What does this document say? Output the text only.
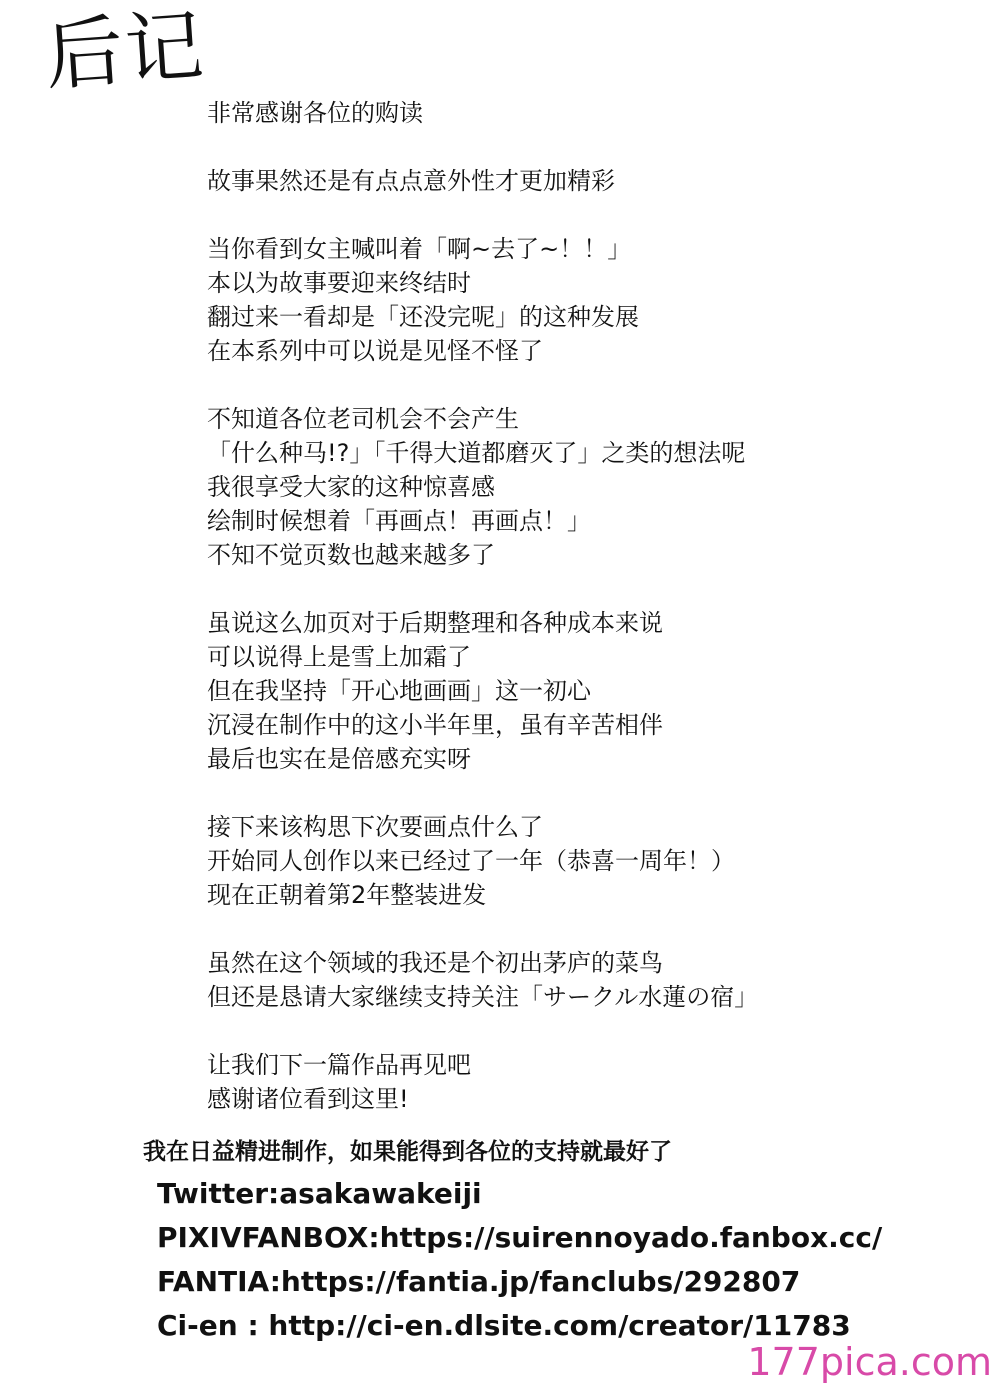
后记
非常感谢各位的购读
故事果然还是有点点意外性才更加精彩
当你看到女主喊叫着「啊~去了~！！」
本以为故事要迎来终结时
翻过来一看却是「还没完呢」的这种发展
在本系列中可以说是见怪不怪了
不知道各位老司机会不会产生
「什么种马!?」「千得大道都磨灭了」之类的想法呢
我很享受大家的这种惊喜感
绘制时候想着「再画点！再画点！」
不知不觉页数也越来越多了
虽说这么加页对于后期整理和各种成本来说
可以说得上是雪上加霜了
但在我坚持「开心地画画」这一初心
沉浸在制作中的这小半年里，虽有辛苦相伴
最后也实在是倍感充实呀
接下来该构思下次要画点什么了
开始同人创作以来已经过了一年（恭喜一周年！）
现在正朝着第2年整装进发
虽然在这个领域的我还是个初出茅庐的菜鸟
但还是恳请大家继续支持关注「サークル水蓮の宿」
让我们下一篇作品再见吧
感谢诸位看到这里!
我在日益精进制作，如果能得到各位的支持就最好了
Twitter:asakawakeiji
PIXIVFANBOX:https://suirennoyado.fanbox.cc/
FANTIA:https://fantia.jp/fanclubs/292807
Ci-en : http://ci-en.dlsite.com/creator/11783
177pica.com
